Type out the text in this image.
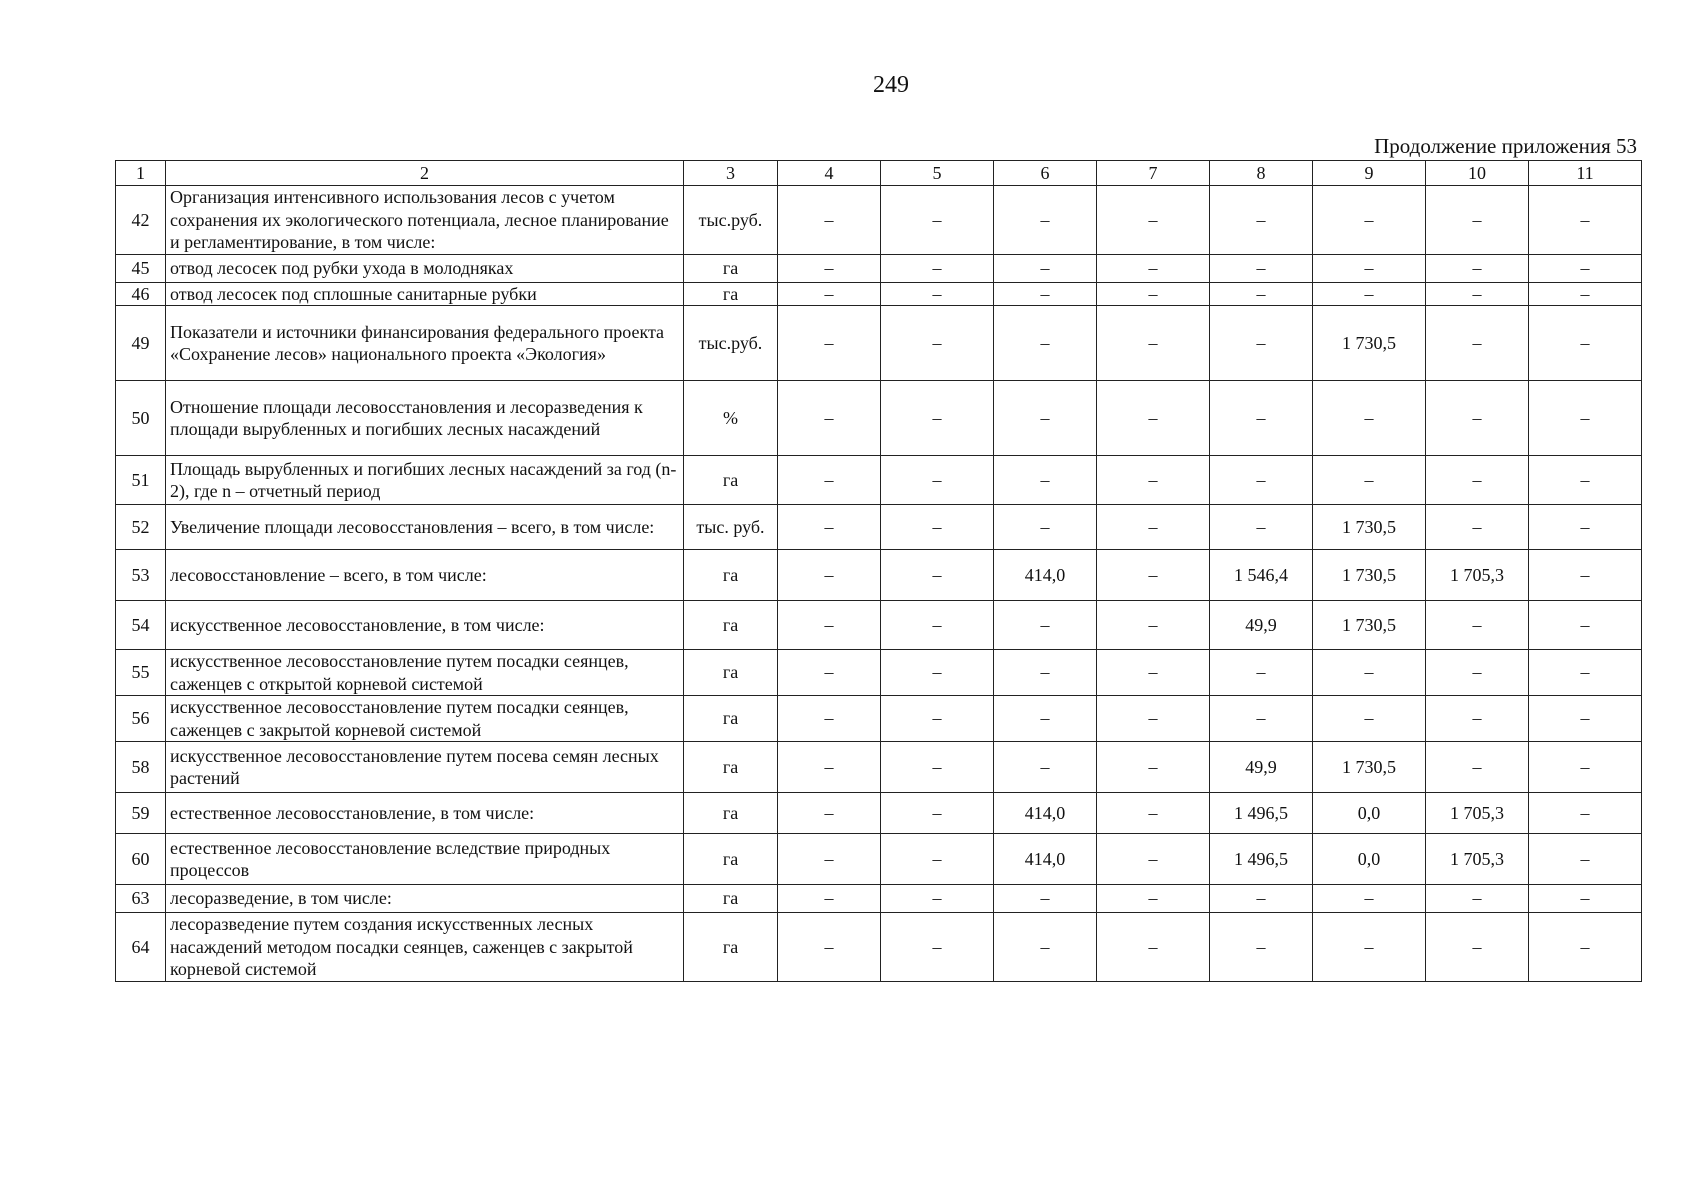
249
Продолжение приложения 53
1	2	3	4	5	6	7	8	9	10	11
42	Организация интенсивного использования лесов с учетом сохранения их экологического потенциала, лесное планирование и регламентирование, в том числе:	тыс.руб.	–	–	–	–	–	–	–	–
45	отвод лесосек под рубки ухода в молодняках	га	–	–	–	–	–	–	–	–
46	отвод лесосек под сплошные санитарные рубки	га	–	–	–	–	–	–	–	–
49	Показатели и источники финансирования федерального проекта «Сохранение лесов» национального проекта «Экология»	тыс.руб.	–	–	–	–	–	1 730,5	–	–
50	Отношение площади лесовосстановления и лесоразведения к площади вырубленных и погибших лесных насаждений	%	–	–	–	–	–	–	–	–
51	Площадь вырубленных и погибших лесных насаждений за год (n-2), где n – отчетный период	га	–	–	–	–	–	–	–	–
52	Увеличение площади лесовосстановления – всего, в том числе:	тыс. руб.	–	–	–	–	–	1 730,5	–	–
53	лесовосстановление – всего, в том числе:	га	–	–	414,0	–	1 546,4	1 730,5	1 705,3	–
54	искусственное лесовосстановление, в том числе:	га	–	–	–	–	49,9	1 730,5	–	–
55	искусственное лесовосстановление путем посадки сеянцев, саженцев с открытой корневой системой	га	–	–	–	–	–	–	–	–
56	искусственное лесовосстановление путем посадки сеянцев, саженцев с закрытой корневой системой	га	–	–	–	–	–	–	–	–
58	искусственное лесовосстановление путем посева семян лесных растений	га	–	–	–	–	49,9	1 730,5	–	–
59	естественное лесовосстановление, в том числе:	га	–	–	414,0	–	1 496,5	0,0	1 705,3	–
60	естественное лесовосстановление вследствие природных процессов	га	–	–	414,0	–	1 496,5	0,0	1 705,3	–
63	лесоразведение, в том числе:	га	–	–	–	–	–	–	–	–
64	лесоразведение путем создания искусственных лесных насаждений методом посадки сеянцев, саженцев с закрытой корневой системой	га	–	–	–	–	–	–	–	–
